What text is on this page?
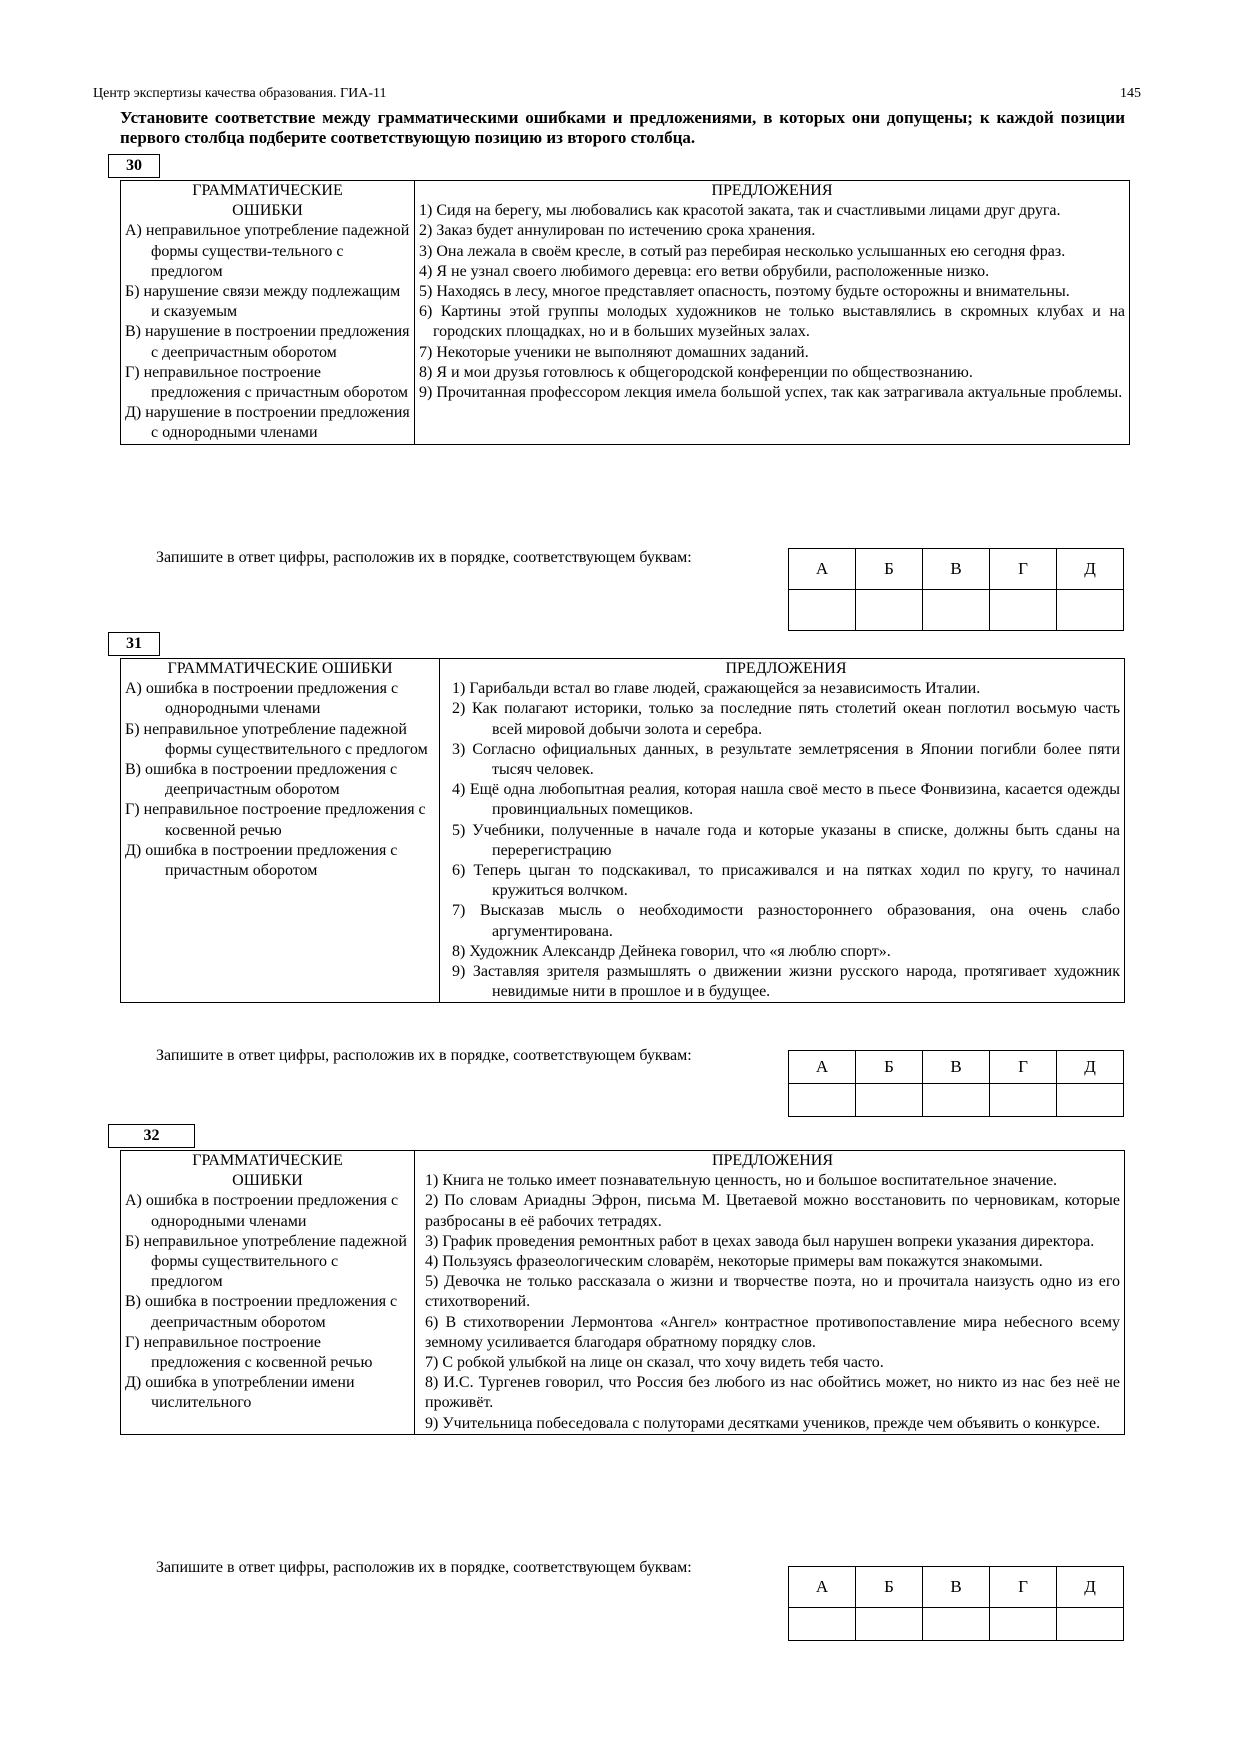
Центр экспертизы качества образования. ГИА-11	145
Установите соответствие между грамматическими ошибками и предложениями, в которых они допущены; к каждой позиции первого столбца подберите соответствующую позицию из второго столбца.
30
ГРАММАТИЧЕСКИЕ ОШИБКИ
А) неправильное употребление падежной формы существи-тельного с предлогом
Б) нарушение связи между подлежащим и сказуемым
В) нарушение в построении предложения с деепричастным оборотом
Г) неправильное построение предложения с причастным оборотом
Д) нарушение в построении предложения с однородными членами

ПРЕДЛОЖЕНИЯ
1) Сидя на берегу, мы любовались как красотой заката, так и счастливыми лицами друг друга.
2) Заказ будет аннулирован по истечению срока хранения.
3) Она лежала в своём кресле, в сотый раз перебирая несколько услышанных ею сегодня фраз.
4) Я не узнал своего любимого деревца: его ветви обрубили, расположенные низко.
5) Находясь в лесу, многое представляет опасность, поэтому будьте осторожны и внимательны.
6) Картины этой группы молодых художников не только выставлялись в скромных клубах и на городских площадках, но и в больших музейных залах.
7) Некоторые ученики не выполняют домашних заданий.
8) Я и мои друзья готовлюсь к общегородской конференции по обществознанию.
9) Прочитанная профессором лекция имела большой успех, так как затрагивала актуальные проблемы.
Запишите в ответ цифры, расположив их в порядке, соответствующем буквам:
А	Б	В	Г	Д

31
ГРАММАТИЧЕСКИЕ ОШИБКИ
А) ошибка в построении предложения с однородными членами
Б) неправильное употребление падежной формы существительного с предлогом
В) ошибка в построении предложения с деепричастным оборотом
Г) неправильное построение предложения с косвенной речью
Д) ошибка в построении предложения с причастным оборотом

ПРЕДЛОЖЕНИЯ
1) Гарибальди встал во главе людей, сражающейся за независимость Италии.
2) Как полагают историки, только за последние пять столетий океан поглотил восьмую часть всей мировой добычи золота и серебра.
3) Согласно официальных данных, в результате землетрясения в Японии погибли более пяти тысяч человек.
4) Ещё одна любопытная реалия, которая нашла своё место в пьесе Фонвизина, касается одежды провинциальных помещиков.
5) Учебники, полученные в начале года и которые указаны в списке, должны быть сданы на перерегистрацию
6) Теперь цыган то подскакивал, то присаживался и на пятках ходил по кругу, то начинал кружиться волчком.
7) Высказав мысль о необходимости разностороннего образования, она очень слабо аргументирована.
8) Художник Александр Дейнека говорил, что «я люблю спорт».
9) Заставляя зрителя размышлять о движении жизни русского народа, протягивает художник невидимые нити в прошлое и в будущее.
Запишите в ответ цифры, расположив их в порядке, соответствующем буквам:
А	Б	В	Г	Д

32
ГРАММАТИЧЕСКИЕ ОШИБКИ
А) ошибка в построении предложения с однородными членами
Б) неправильное употребление падежной формы существительного с предлогом
В) ошибка в построении предложения с деепричастным оборотом
Г) неправильное построение предложения с косвенной речью
Д) ошибка в употреблении имени числительного

ПРЕДЛОЖЕНИЯ
1) Книга не только имеет познавательную ценность, но и большое воспитательное значение.
2) По словам Ариадны Эфрон, письма М. Цветаевой можно восстановить по черновикам, которые разбросаны в её рабочих тетрадях.
3) График проведения ремонтных работ в цехах завода был нарушен вопреки указания директора.
4) Пользуясь фразеологическим словарём, некоторые примеры вам покажутся знакомыми.
5) Девочка не только рассказала о жизни и творчестве поэта, но и прочитала наизусть одно из его стихотворений.
6) В стихотворении Лермонтова «Ангел» контрастное противопоставление мира небесного всему земному усиливается благодаря обратному порядку слов.
7) С робкой улыбкой на лице он сказал, что хочу видеть тебя часто.
8) И.С. Тургенев говорил, что Россия без любого из нас обойтись может, но никто из нас без неё не проживёт.
9) Учительница побеседовала с полуторами десятками учеников, прежде чем объявить о конкурсе.
Запишите в ответ цифры, расположив их в порядке, соответствующем буквам:
А	Б	В	Г	Д
